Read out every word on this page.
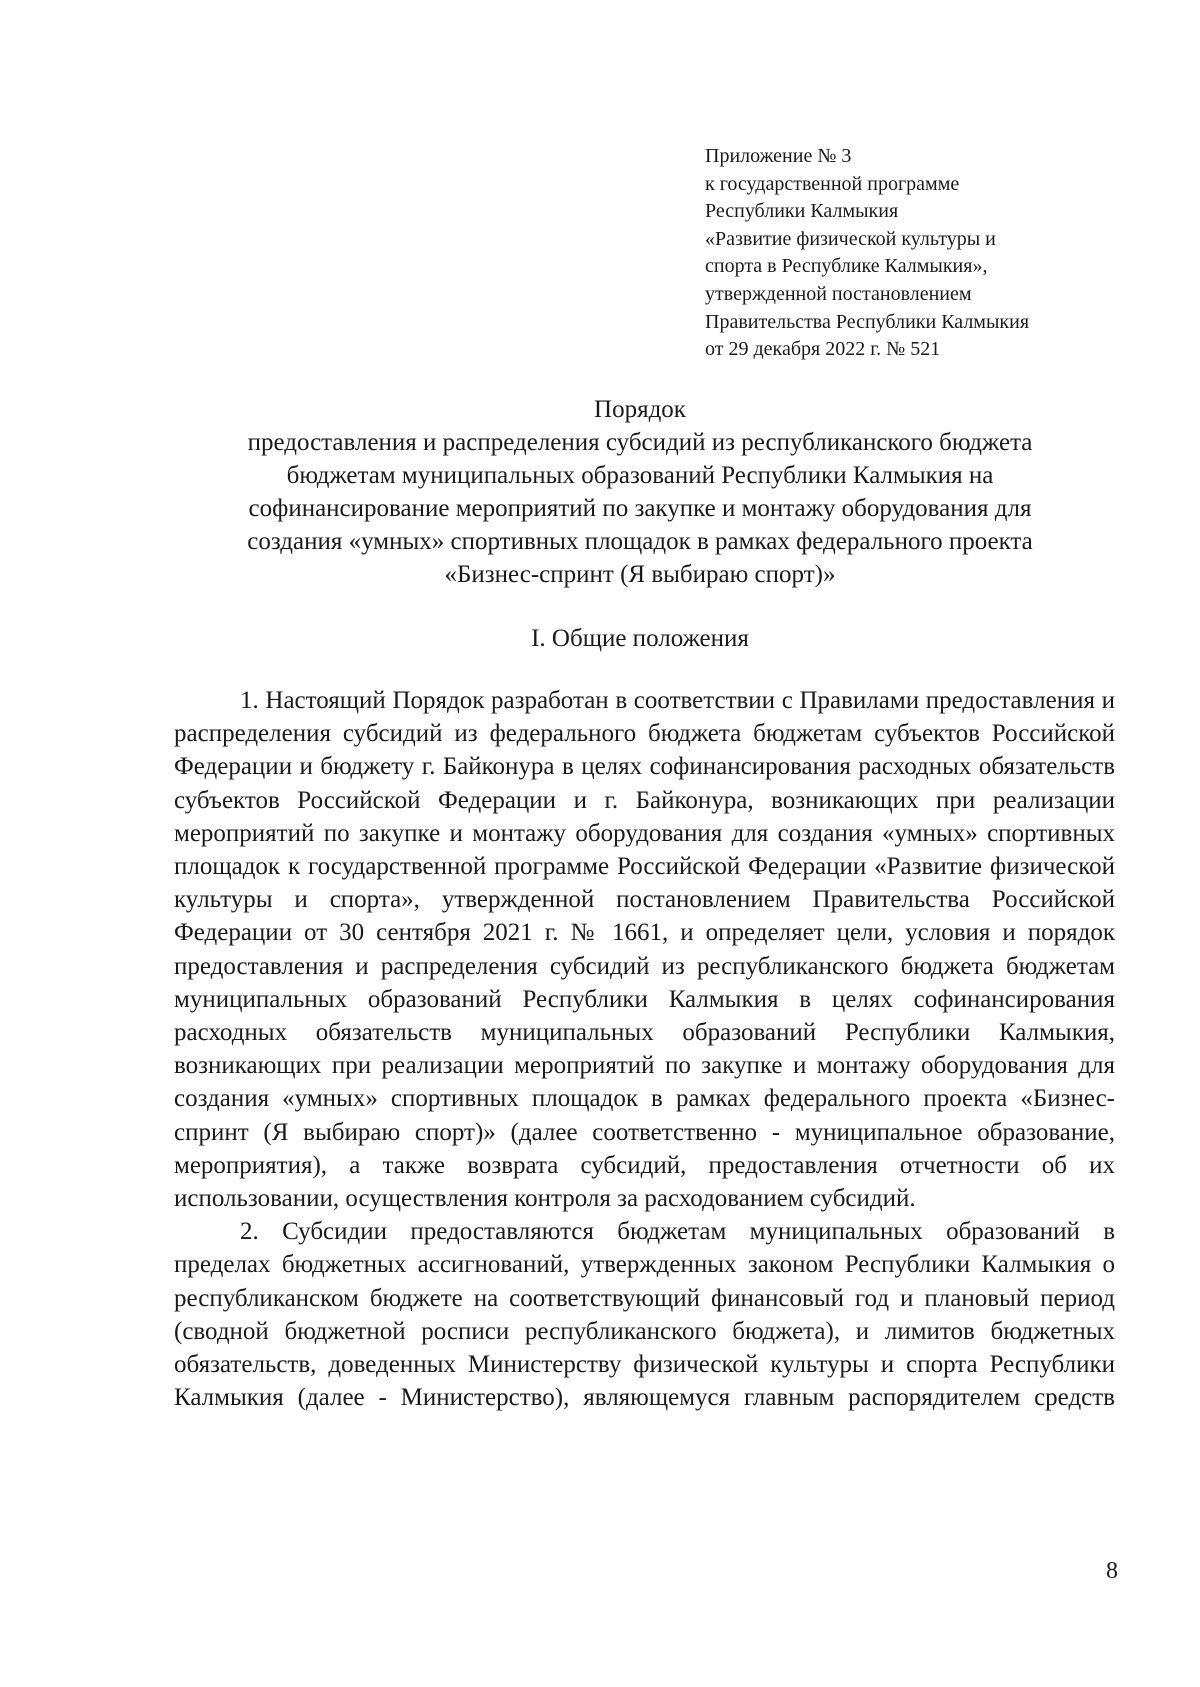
Приложение № 3
к государственной программе
Республики Калмыкия
«Развитие физической культуры и
спорта в Республике Калмыкия»,
утвержденной постановлением
Правительства Республики Калмыкия
от 29 декабря 2022 г. № 521
Порядок
предоставления и распределения субсидий из республиканского бюджета
бюджетам муниципальных образований Республики Калмыкия на
софинансирование мероприятий по закупке и монтажу оборудования для
создания «умных» спортивных площадок в рамках федерального проекта
«Бизнес-спринт (Я выбираю спорт)»
I. Общие положения

1. Настоящий Порядок разработан в соответствии с Правилами предоставления и распределения субсидий из федерального бюджета бюджетам субъектов Российской Федерации и бюджету г. Байконура в целях софинансирования расходных обязательств субъектов Российской Федерации и г. Байконура, возникающих при реализации мероприятий по закупке и монтажу оборудования для создания «умных» спортивных площадок к государственной программе Российской Федерации «Развитие физической культуры и спорта», утвержденной постановлением Правительства Российской Федерации от 30 сентября 2021 г. № 1661, и определяет цели, условия и порядок предоставления и распределения субсидий из республиканского бюджета бюджетам муниципальных образований Республики Калмыкия в целях софинансирования расходных обязательств муниципальных образований Республики Калмыкия, возникающих при реализации мероприятий по закупке и монтажу оборудования для создания «умных» спортивных площадок в рамках федерального проекта «Бизнес-спринт (Я выбираю спорт)» (далее соответственно - муниципальное образование, мероприятия), а также возврата субсидий, предоставления отчетности об их использовании, осуществления контроля за расходованием субсидий.

2. Субсидии предоставляются бюджетам муниципальных образований в пределах бюджетных ассигнований, утвержденных законом Республики Калмыкия о республиканском бюджете на соответствующий финансовый год и плановый период (сводной бюджетной росписи республиканского бюджета), и лимитов бюджетных обязательств, доведенных Министерству физической культуры и спорта Республики Калмыкия (далее - Министерство), являющемуся главным распорядителем средств

8
